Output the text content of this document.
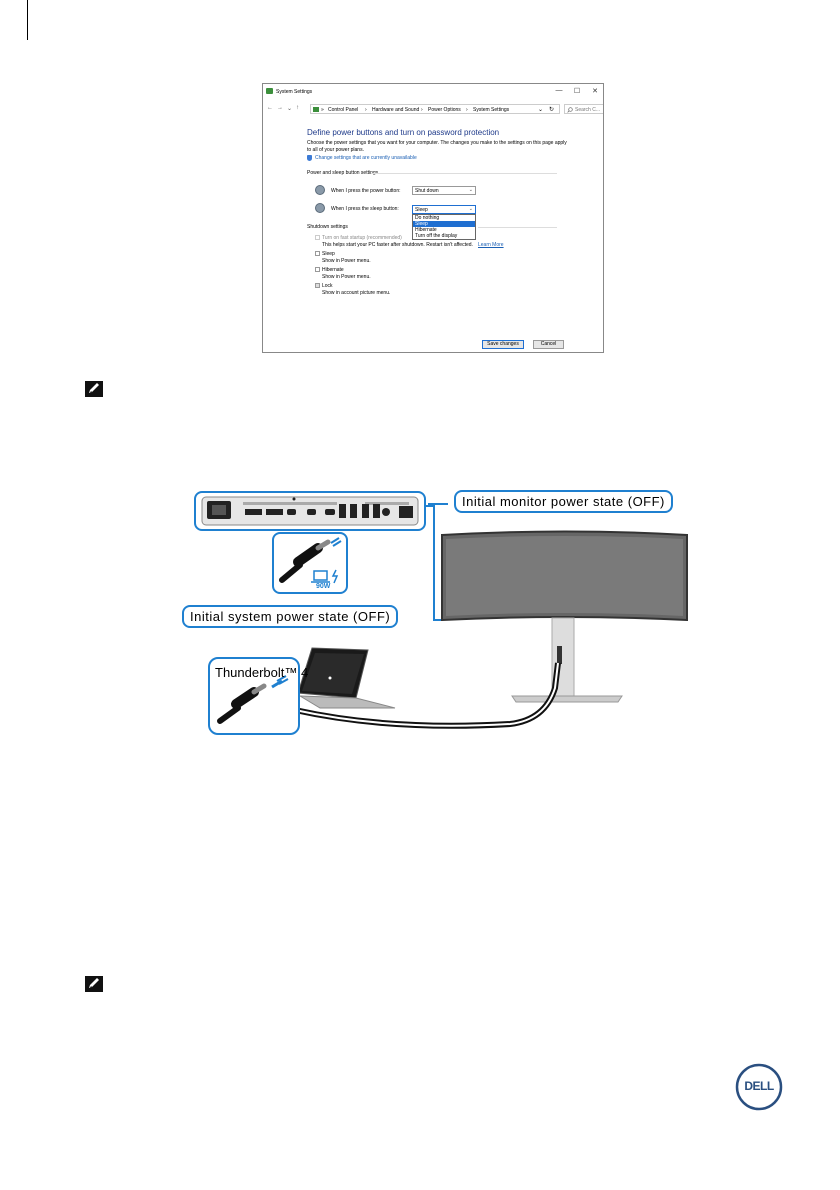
System Settings	— ☐ ✕
← → ⌄ ↑	» Control Panel › Hardware and Sound › Power Options › System Settings	⌄ ↻	Search C...
Define power buttons and turn on password protection
Choose the power settings that you want for your computer. The changes you make to the settings on this page apply to all of your power plans.
Change settings that are currently unavailable
Power and sleep button settings
When I press the power button:	Shut down	⌄
When I press the sleep button:	Sleep	⌄
Do nothing
Sleep
Hibernate
Turn off the display
Shutdown settings
Turn on fast startup (recommended)
This helps start your PC faster after shutdown. Restart isn't affected. Learn More
Sleep
Show in Power menu.
Hibernate
Show in Power menu.
Lock
Show in account picture menu.
Save changes	Cancel
Initial monitor power state (OFF)
Initial system power state (OFF)
Thunderbolt™ 4
90W
DELL
